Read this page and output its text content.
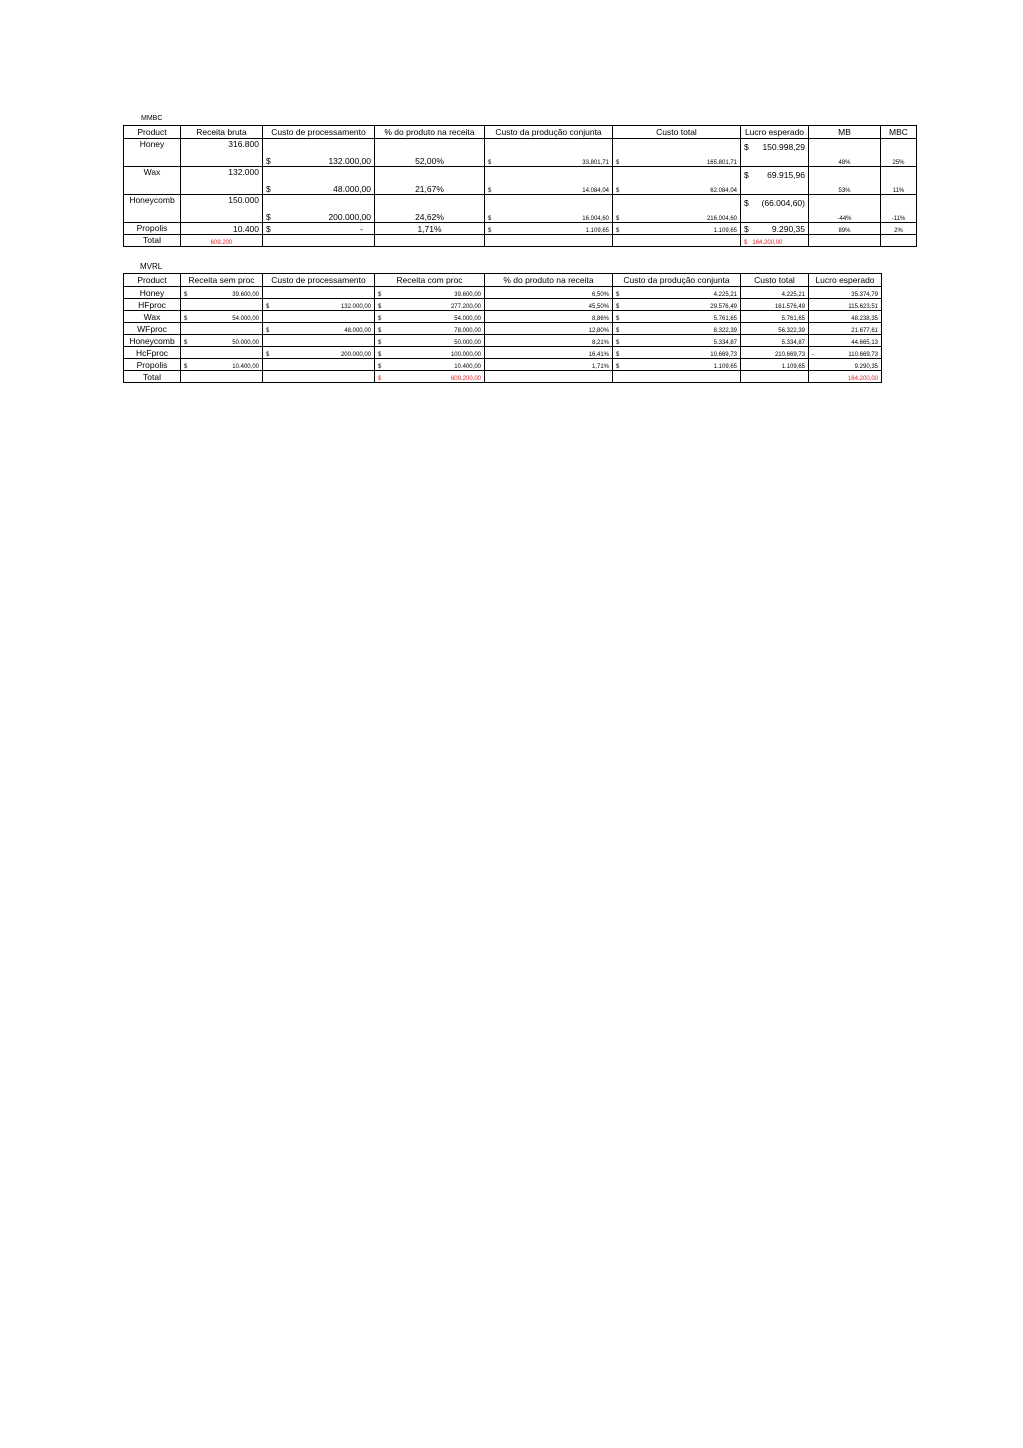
MMBC
Product	Receita bruta	Custo de processamento	% do produto na receita	Custo da produção conjunta	Custo total	Lucro esperado	MB	MBC
Honey	316.800	$ 132.000,00	52,00%	$ 33.801,71	$ 165.801,71	$ 150.998,29	48%	25%
Wax	132.000	$ 48.000,00	21,67%	$ 14.084,04	$ 62.084,04	$ 69.915,96	53%	11%
Honeycomb	150.000	$ 200.000,00	24,62%	$ 16.004,60	$ 216.004,60	$ (66.004,60)	-44%	-11%
Propolis	10.400	$ -	1,71%	$ 1.109,65	$ 1.109,65	$ 9.290,35	89%	2%
Total	609.200					$ 164.200,00		
MVRL
Product	Receita sem proc	Custo de processamento	Receita com proc	% do produto na receita	Custo da produção conjunta	Custo total	Lucro esperado
Honey	$ 39.600,00		$ 39.600,00	6,50%	$ 4.225,21	4.225,21	35.374,79

HFproc		$ 132.000,00	$ 277.200,00	45,50%	$ 29.576,49	161.576,49	115.623,51

Wax	$ 54.000,00		$ 54.000,00	8,86%	$ 5.761,65	5.761,65	48.238,35

WFproc		$ 48.000,00	$ 78.000,00	12,80%	$ 8.322,39	56.322,39	21.677,61

Honeycomb	$ 50.000,00		$ 50.000,00	8,21%	$ 5.334,87	5.334,87	44.665,13

HcFproc		$ 200.000,00	$ 100.000,00	16,41%	$ 10.669,73	210.669,73	- 110.669,73

Propolis	$ 10.400,00		$ 10.400,00	1,71%	$ 1.109,65	1.109,65	9.290,35

Total			$ 609.200,00				164.200,00
